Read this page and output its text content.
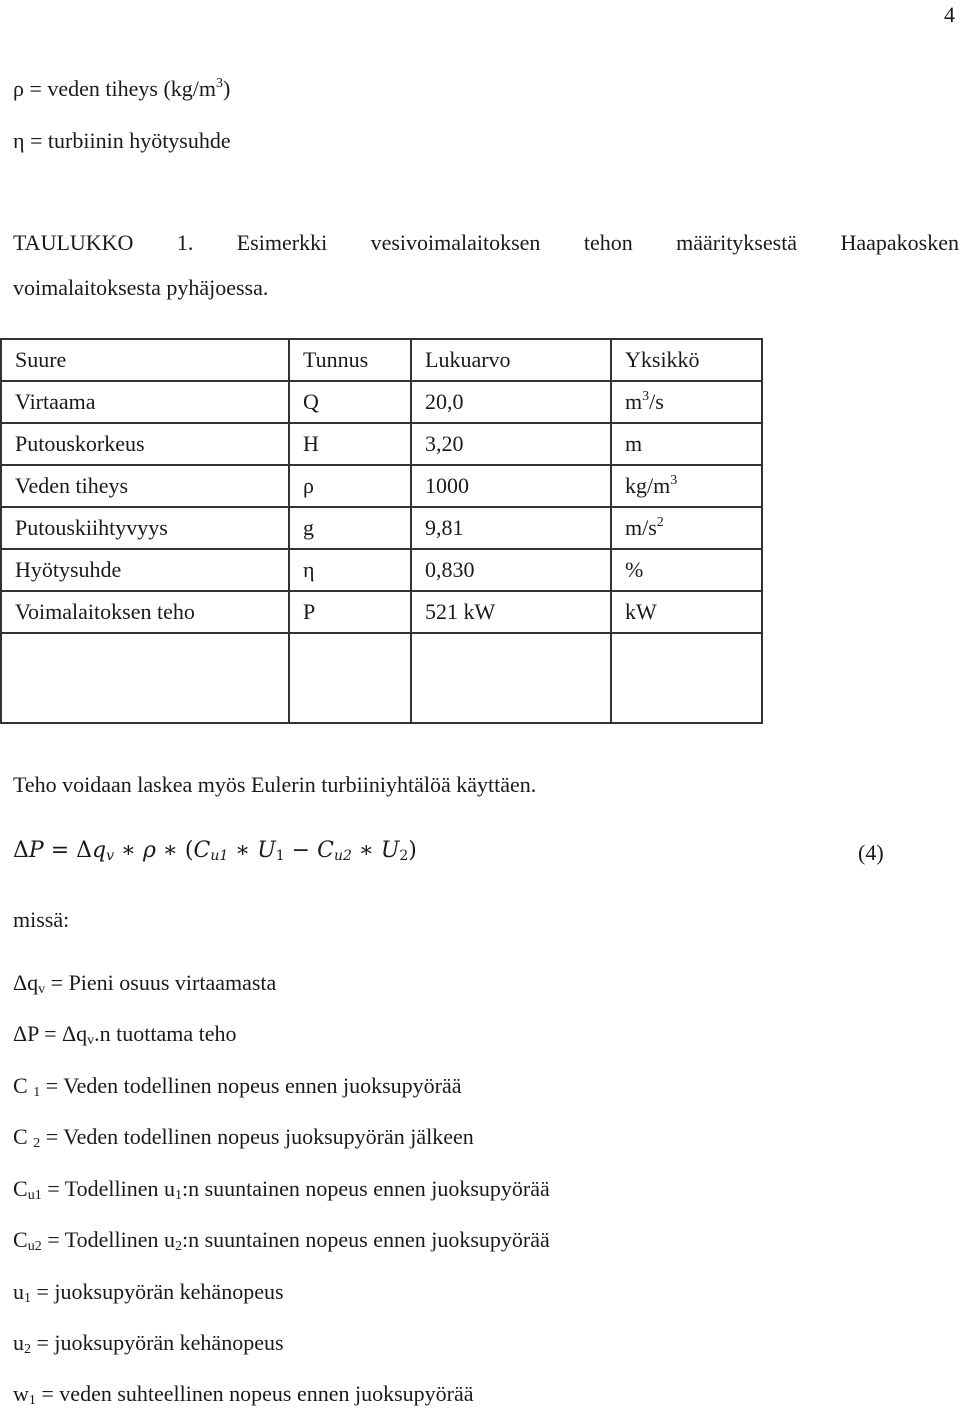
4
ρ = veden tiheys $(kg/m^3)$
η = turbiinin hyötysuhde
TAULUKKO 1. Esimerkki vesivoimalaitoksen tehon määrityksestä Haapakosken
voimalaitoksesta pyhäjoessa.
Suure	Tunnus	Lukuarvo	Yksikkö
Virtaama	Q	20,0	$m^3/s$
Putouskorkeus	H	3,20	m
Veden tiheys	ρ	1000	$kg/m^3$
Putouskiihtyvyys	g	9,81	$m/s^2$
Hyötysuhde	η	0,830	%
Voimalaitoksen teho	P	521 kW	kW

Teho voidaan laskea myös Eulerin turbiiniyhtälöä käyttäen.
$\Delta P = \Delta q_v$ ∗ ρ ∗ ($C_{u1}$ ∗ $U_1 - C_{u2}$ ∗ $U_2$)	(4)
missä:
$\Delta q_v$ = Pieni osuus virtaamasta
$\Delta P = \Delta q_v.n$ tuottama teho
C $_1$ = Veden todellinen nopeus ennen juoksupyörää
C $_2$ = Veden todellinen nopeus juoksupyörän jälkeen
$C_{u1}$ = Todellinen $u_1:n$ suuntainen nopeus ennen juoksupyörää
$C_{u2}$ = Todellinen $u_2:n$ suuntainen nopeus ennen juoksupyörää
$u_1$ = juoksupyörän kehänopeus
$u_2$ = juoksupyörän kehänopeus
$w_1$ = veden suhteellinen nopeus ennen juoksupyörää
